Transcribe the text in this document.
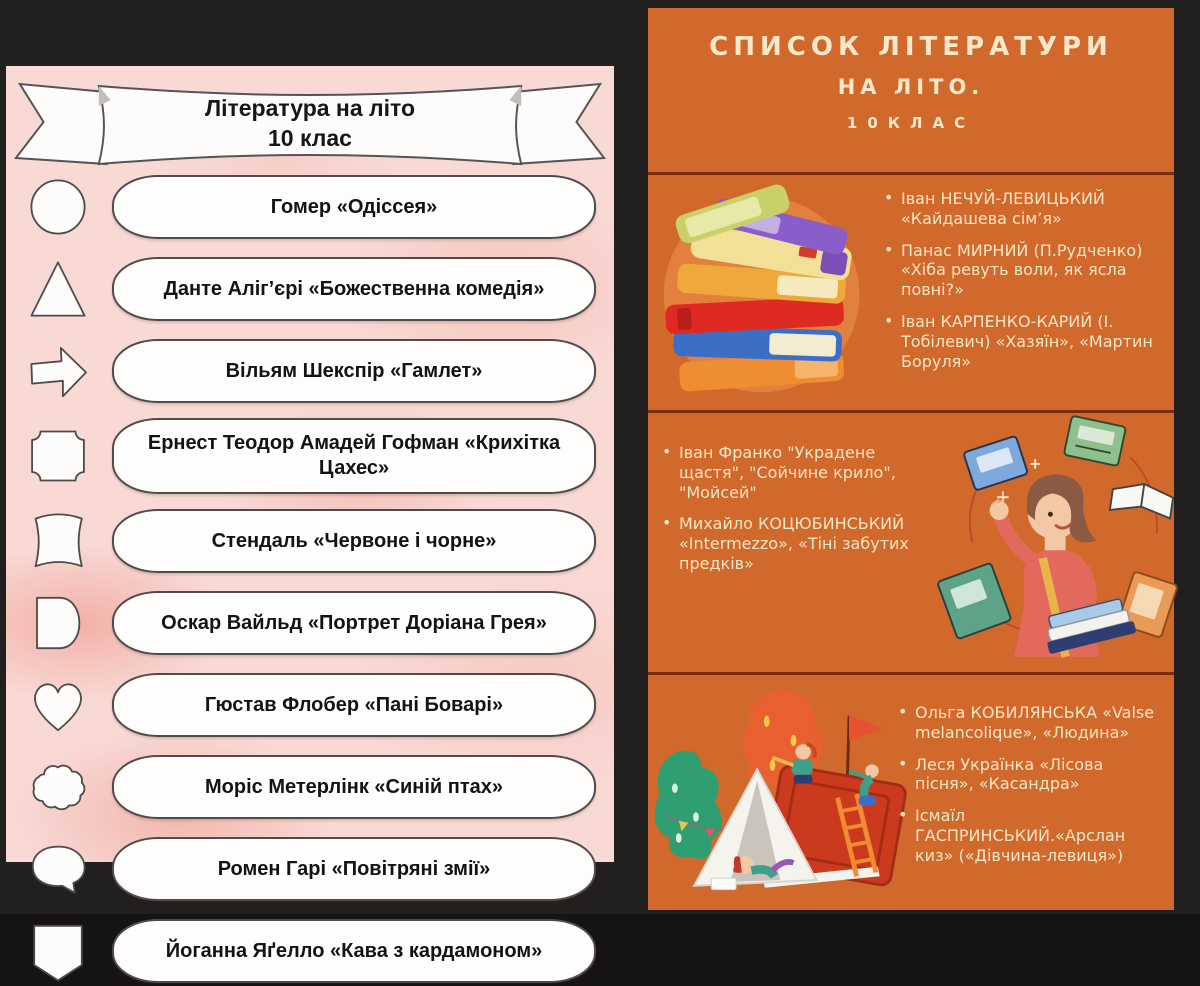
Література на літо
10 клас
Гомер «Одіссея»
Данте Аліг’єрі «Божественна комедія»
Вільям Шекспір «Гамлет»
Ернест Теодор Амадей Гофман «Крихітка Цахес»
Стендаль «Червоне і чорне»
Оскар Вайльд «Портрет Доріана Грея»
Гюстав Флобер «Пані Боварі»
Моріс Метерлінк «Синій птах»
Ромен Гарі «Повітряні змії»
Йоганна Яґелло «Кава з кардамоном»
СПИСОК ЛІТЕРАТУРИ
НА ЛІТО.
10КЛАС
• Іван НЕЧУЙ-ЛЕВИЦЬКИЙ «Кайдашева сім’я»
• Панас МИРНИЙ (П.Рудченко) «Хіба ревуть воли, як ясла повні?»
• Іван КАРПЕНКО-КАРИЙ (І. Тобілевич) «Хазяїн», «Мартин Боруля»
• Іван Франко "Украдене щастя", "Сойчине крило", "Мойсей"
• Михайло КОЦЮБИНСЬКИЙ «Intermezzo», «Тіні забутих предків»
• Ольга КОБИЛЯНСЬКА «Valse melancolique», «Людина»
• Леся Українка «Лісова пісня», «Касандра»
• Ісмаїл ГАСПРИНСЬКИЙ.«Арслан киз» («Дівчина-левиця»)
